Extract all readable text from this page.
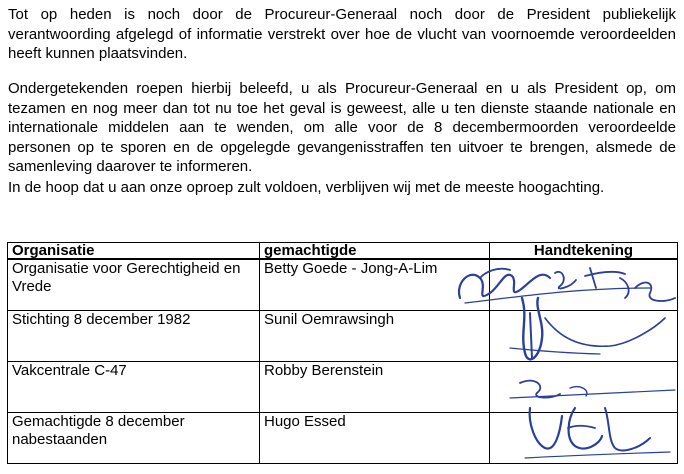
Tot op heden is noch door de Procureur-Generaal noch door de President publiekelijk verantwoording afgelegd of informatie verstrekt over hoe de vlucht van voornoemde veroordeelden heeft kunnen plaatsvinden.

Ondergetekenden roepen hierbij beleefd, u als Procureur-Generaal en u als President op, om tezamen en nog meer dan tot nu toe het geval is geweest, alle u ten dienste staande nationale en internationale middelen aan te wenden, om alle voor de 8 decembermoorden veroordeelde personen op te sporen en de opgelegde gevangenisstraffen ten uitvoer te brengen, alsmede de samenleving daarover te informeren.

In de hoop dat u aan onze oproep zult voldoen, verblijven wij met de meeste hoogachting.

Organisatie	gemachtigde	Handtekening
Organisatie voor Gerechtigheid en Vrede	Betty Goede - Jong-A-Lim	
Stichting 8 december 1982	Sunil Oemrawsingh	
Vakcentrale C-47	Robby Berenstein	
Gemachtigde 8 december nabestaanden	Hugo Essed	
